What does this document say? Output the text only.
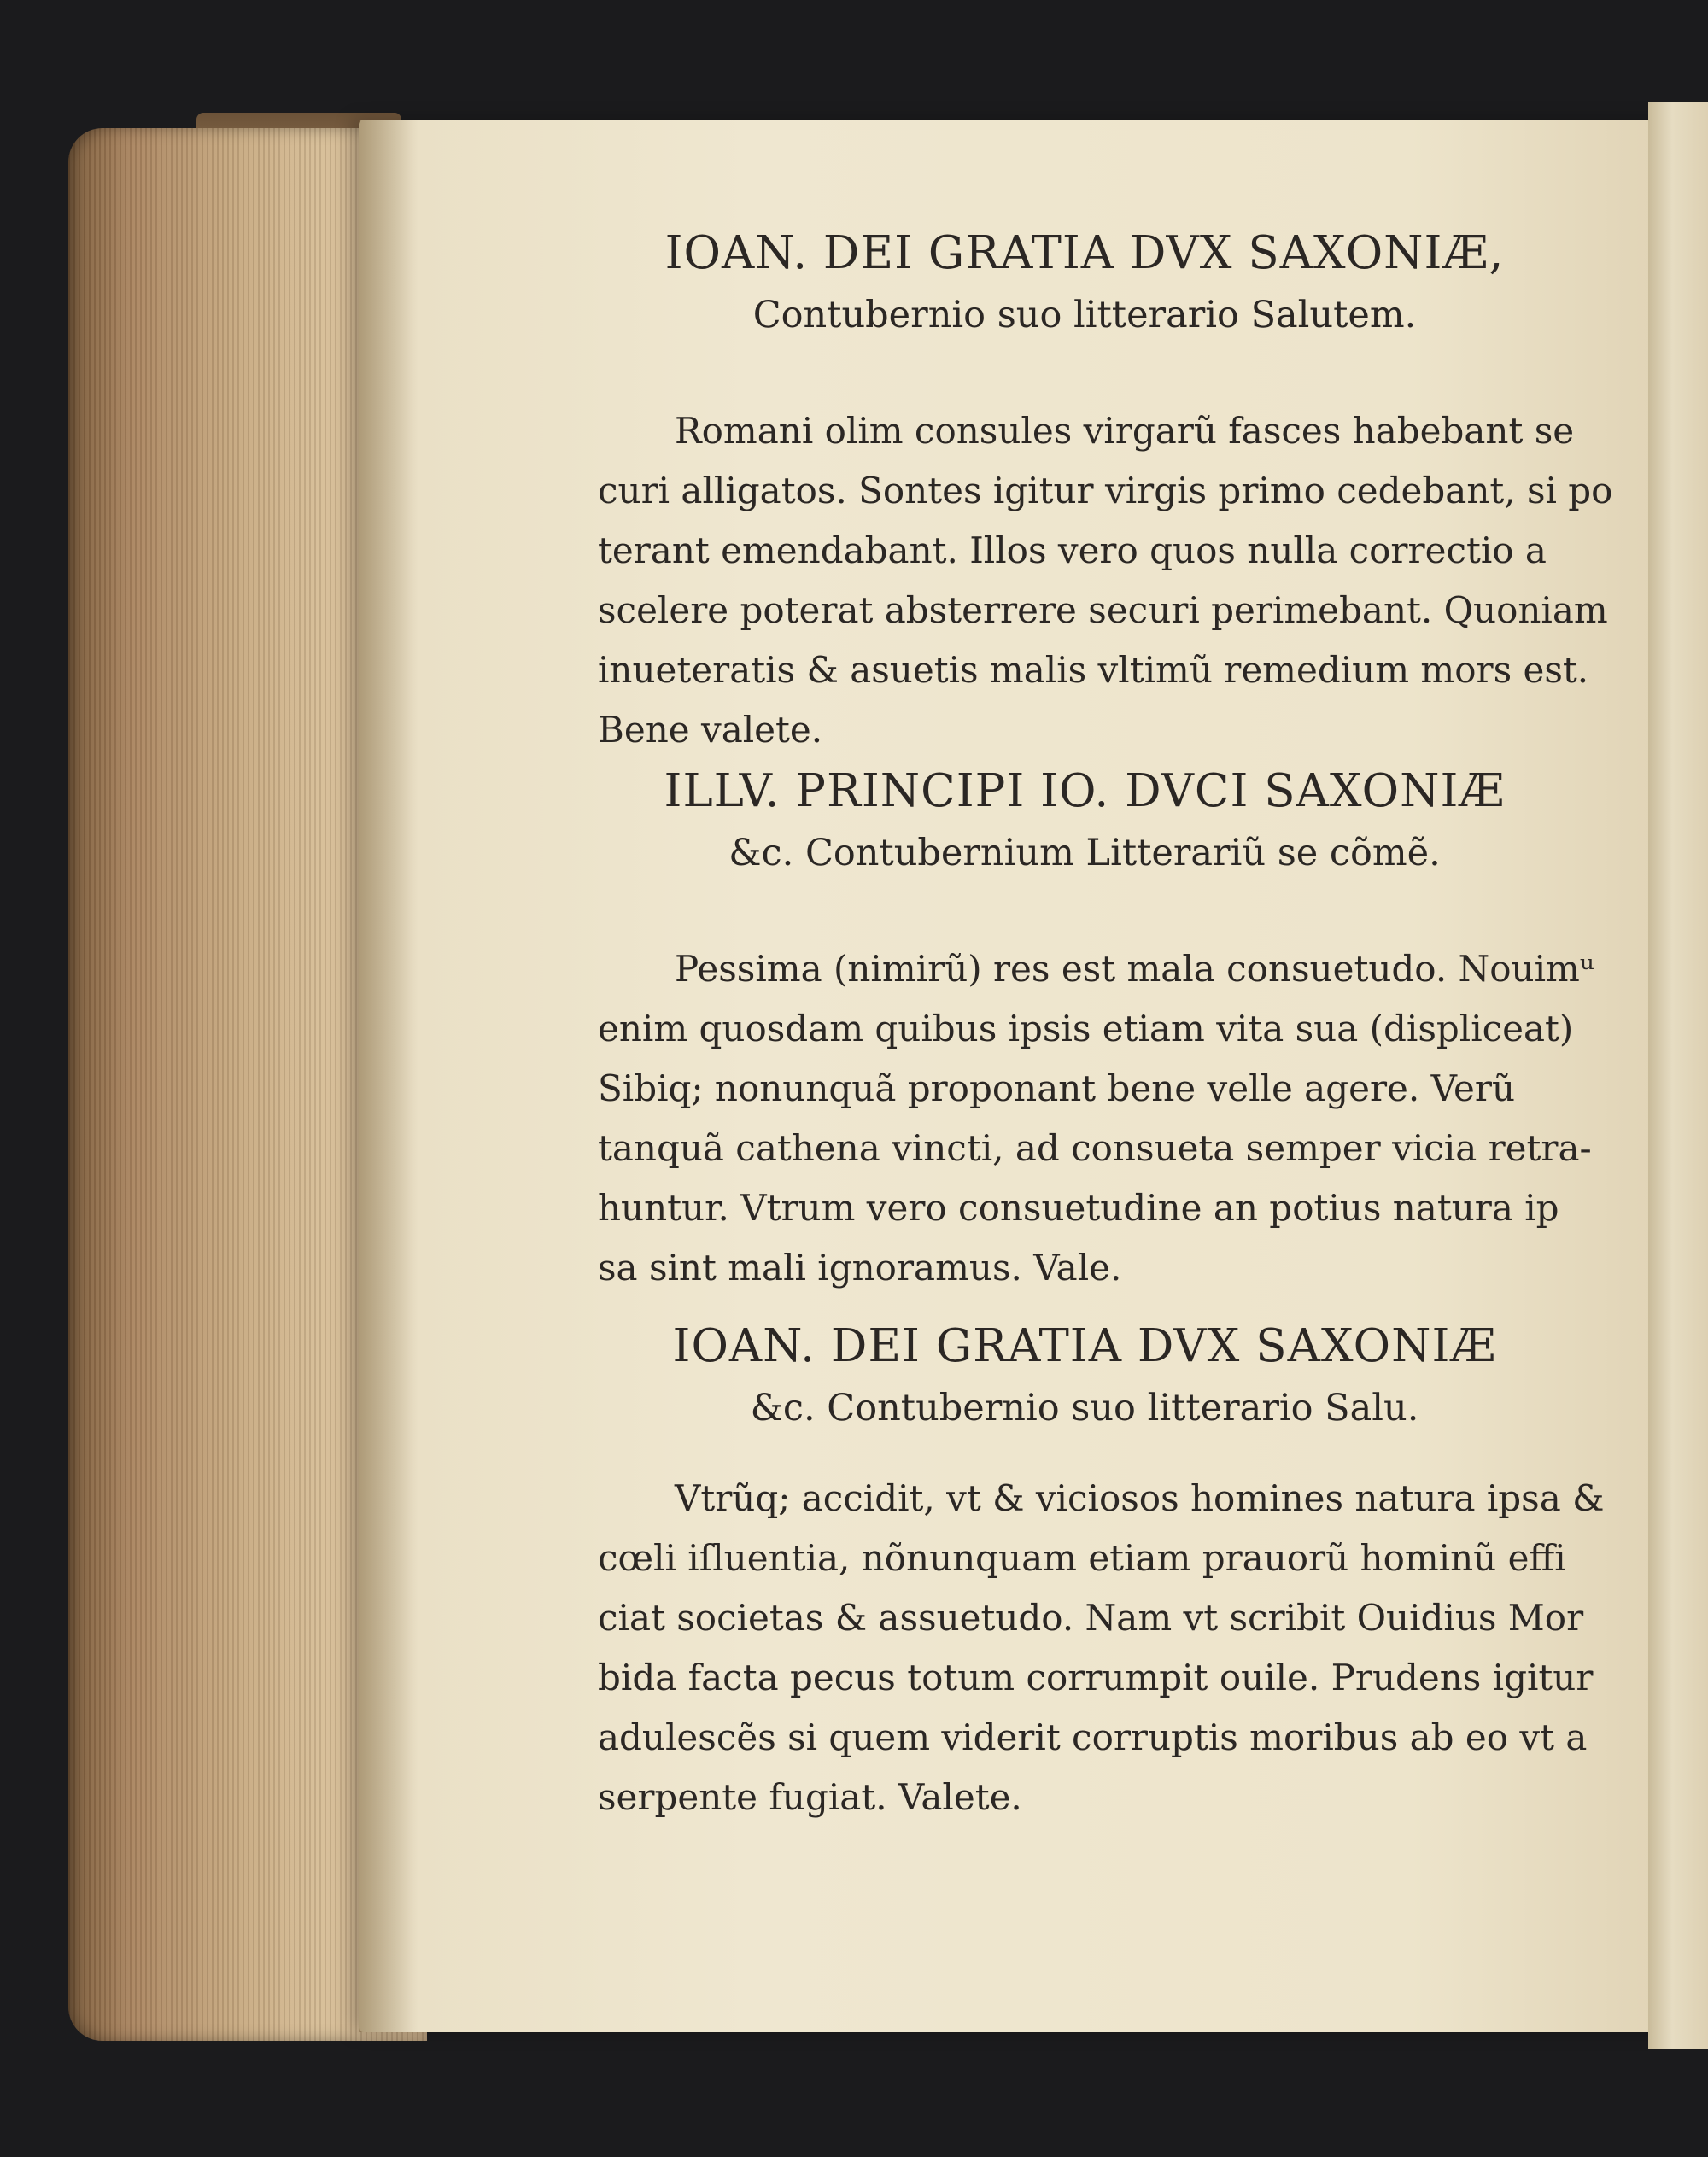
IOAN. DEI GRATIA DVX SAXONIÆ,

Contubernio suo litterario Salutem.

Romani olim consules virgarũ fasces habebant se

curi alligatos. Sontes igitur virgis primo cedebant, si po

terant emendabant. Illos vero quos nulla correctio a

scelere poterat absterrere securi perimebant. Quoniam

inueteratis & asuetis malis vltimũ remedium mors est.

Bene valete.

ILLV. PRINCIPI IO. DVCI SAXONIÆ

&c. Contubernium Litterariũ se cõmẽ.

Pessima (nimirũ) res est mala consuetudo. Nouimᵘ

enim quosdam quibus ipsis etiam vita sua (displiceat)

Sibiq; nonunquã proponant bene velle agere. Verũ

tanquã cathena vincti, ad consueta semper vicia retra-

huntur. Vtrum vero consuetudine an potius natura ip

sa sint mali ignoramus. Vale.

IOAN. DEI GRATIA DVX SAXONIÆ

&c. Contubernio suo litterario Salu.

Vtrũq; accidit, vt & viciosos homines natura ipsa &

cœli iſluentia, nõnunquam etiam prauorũ hominũ effi

ciat societas & assuetudo. Nam vt scribit Ouidius Mor

bida facta pecus totum corrumpit ouile. Prudens igitur

adulescẽs si quem viderit corruptis moribus ab eo vt a

serpente fugiat. Valete.
